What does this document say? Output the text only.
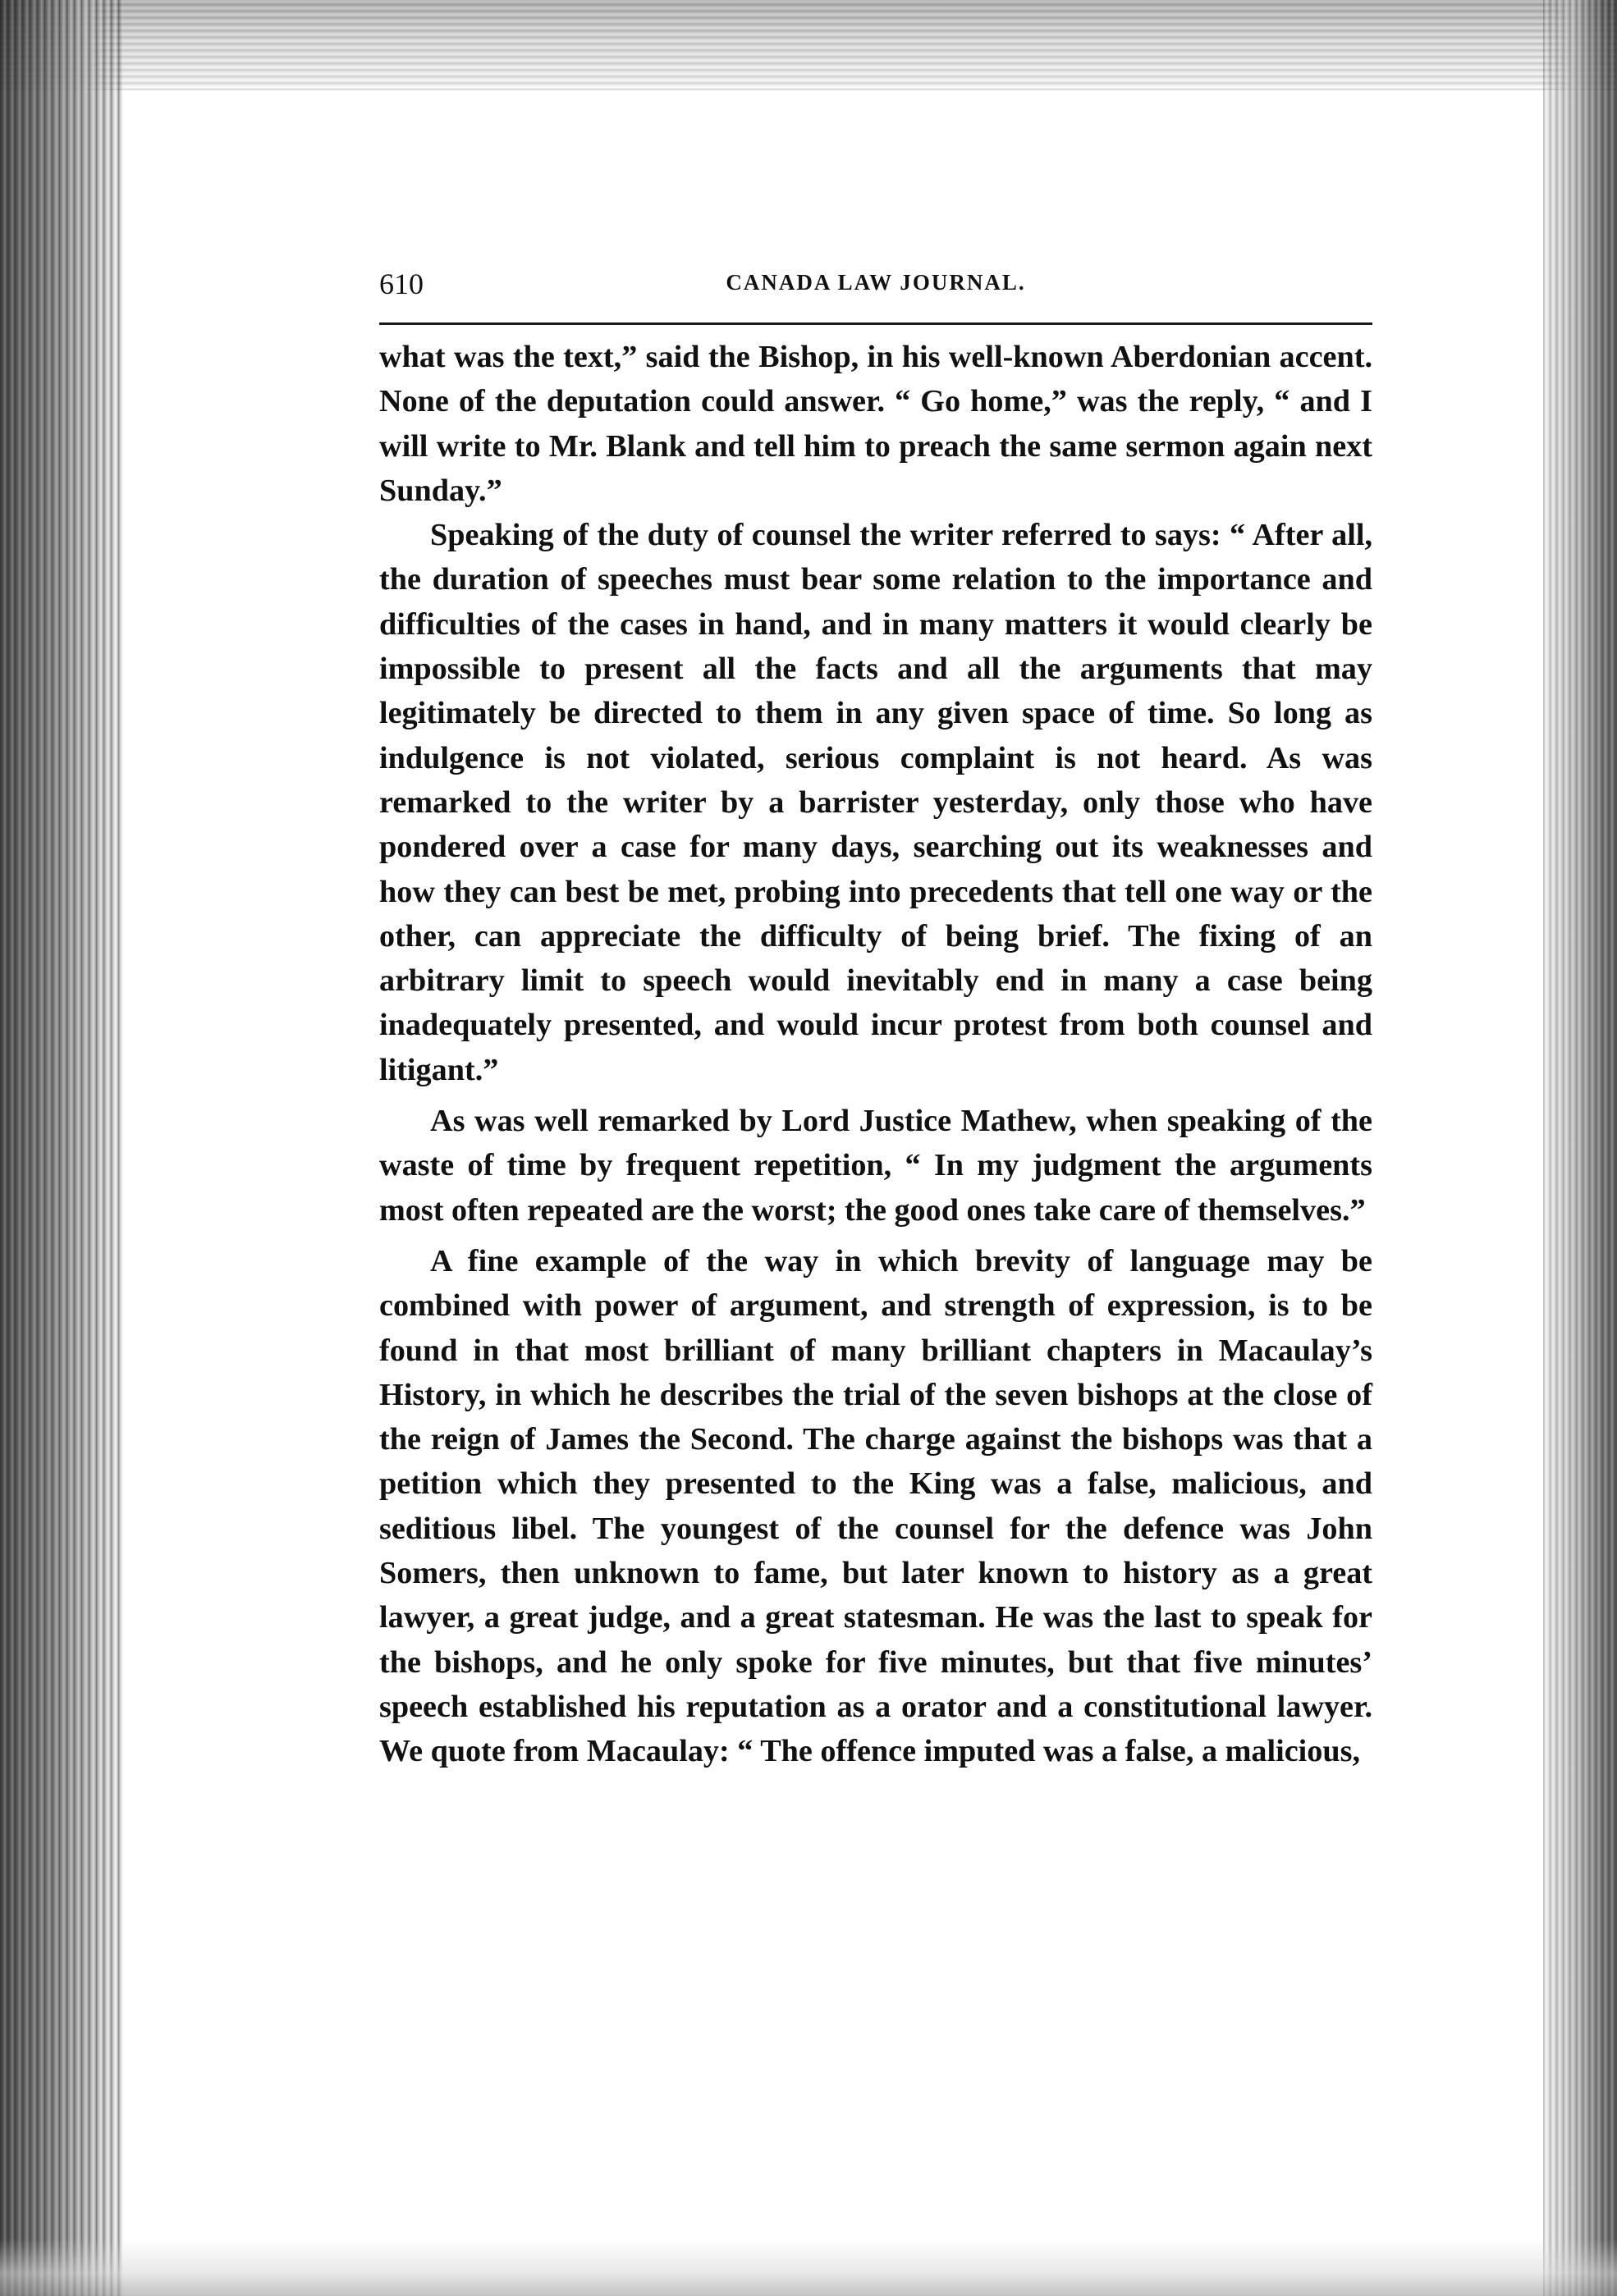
610	CANADA LAW JOURNAL.

what was the text,” said the Bishop, in his well-known Aberdonian accent. None of the deputation could answer. “ Go home,” was the reply, “ and I will write to Mr. Blank and tell him to preach the same sermon again next Sunday.”

Speaking of the duty of counsel the writer referred to says: “ After all, the duration of speeches must bear some relation to the importance and difficulties of the cases in hand, and in many matters it would clearly be impossible to present all the facts and all the arguments that may legitimately be directed to them in any given space of time. So long as indulgence is not violated, serious complaint is not heard. As was remarked to the writer by a barrister yesterday, only those who have pondered over a case for many days, searching out its weaknesses and how they can best be met, probing into precedents that tell one way or the other, can appreciate the difficulty of being brief. The fixing of an arbitrary limit to speech would inevitably end in many a case being inadequately presented, and would incur protest from both counsel and litigant.”

As was well remarked by Lord Justice Mathew, when speaking of the waste of time by frequent repetition, “ In my judgment the arguments most often repeated are the worst; the good ones take care of themselves.”

A fine example of the way in which brevity of language may be combined with power of argument, and strength of expression, is to be found in that most brilliant of many brilliant chapters in Macaulay’s History, in which he describes the trial of the seven bishops at the close of the reign of James the Second. The charge against the bishops was that a petition which they presented to the King was a false, malicious, and seditious libel. The youngest of the counsel for the defence was John Somers, then unknown to fame, but later known to history as a great lawyer, a great judge, and a great statesman. He was the last to speak for the bishops, and he only spoke for five minutes, but that five minutes’ speech established his reputation as a orator and a constitutional lawyer. We quote from Macaulay: “ The offence imputed was a false, a malicious,
